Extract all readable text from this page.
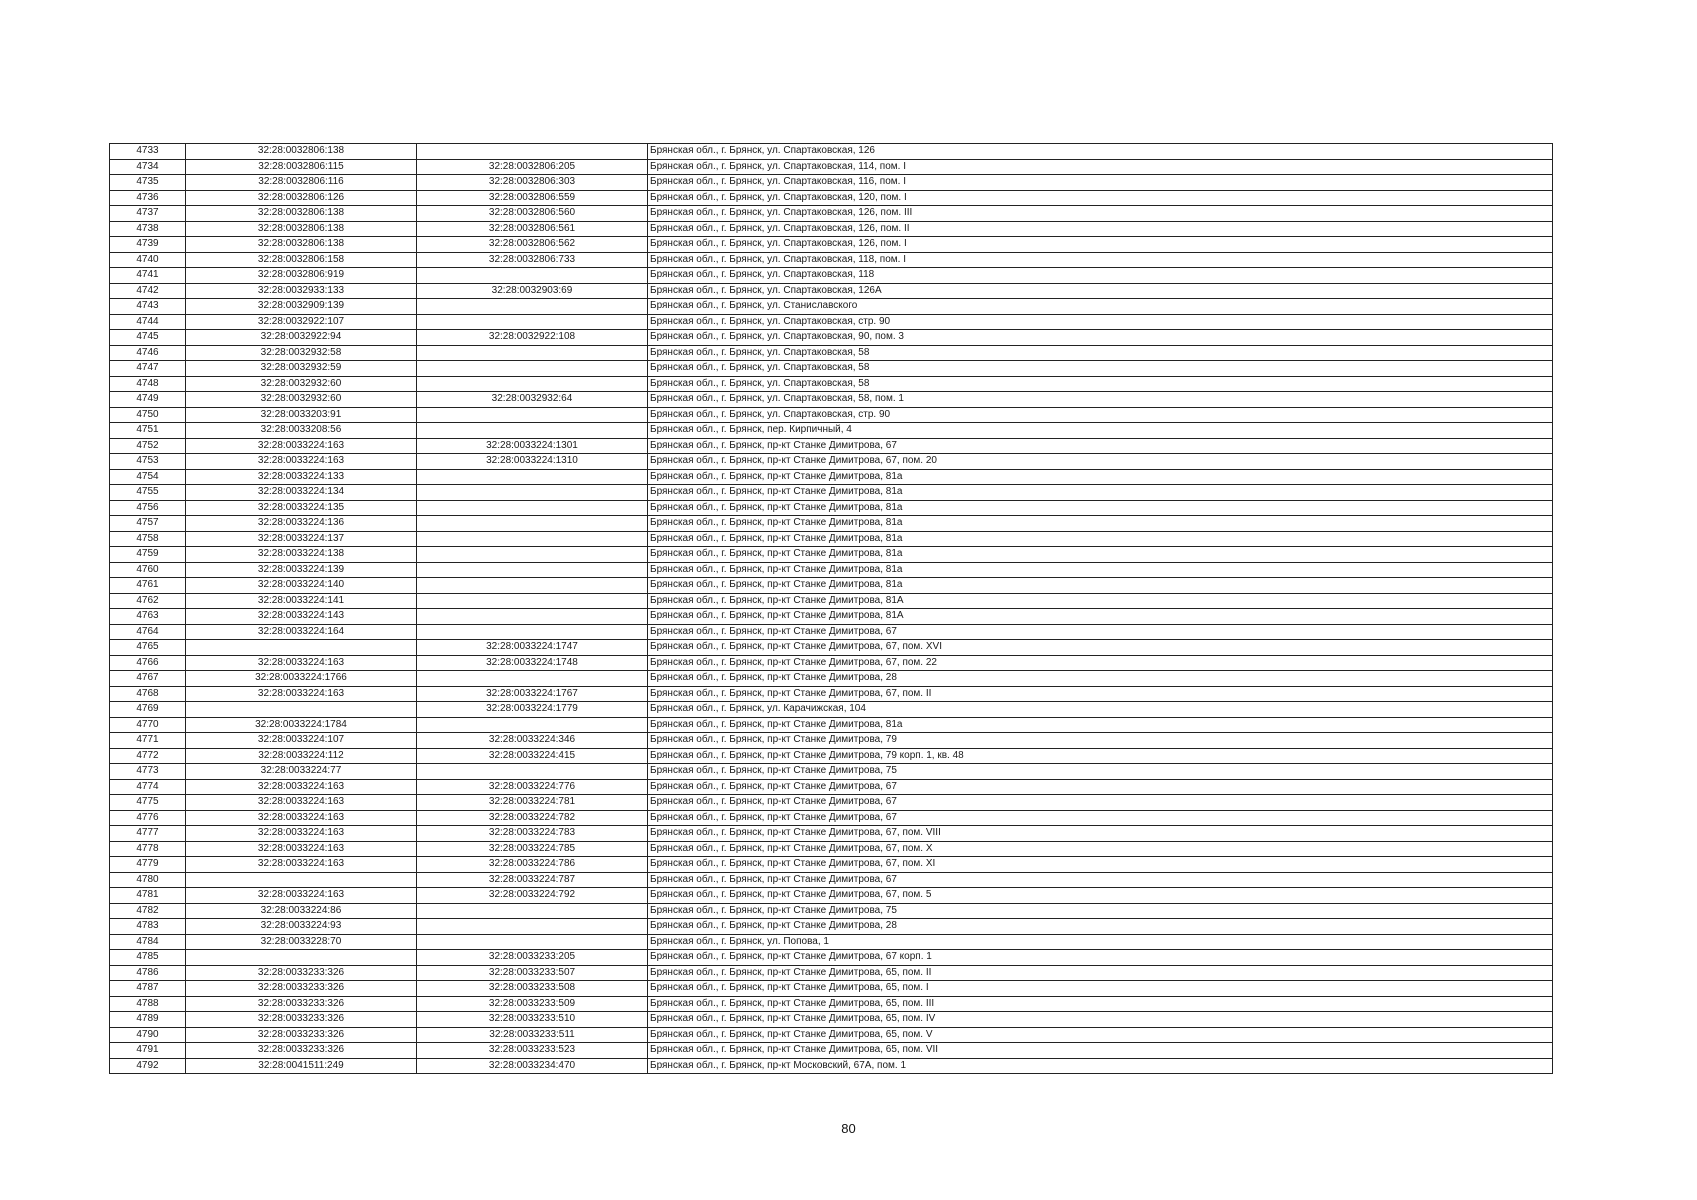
4733	32:28:0032806:138		Брянская обл., г. Брянск, ул. Спартаковская, 126
4734	32:28:0032806:115	32:28:0032806:205	Брянская обл., г. Брянск, ул. Спартаковская, 114, пом. I
4735	32:28:0032806:116	32:28:0032806:303	Брянская обл., г. Брянск, ул. Спартаковская, 116, пом. I
4736	32:28:0032806:126	32:28:0032806:559	Брянская обл., г. Брянск, ул. Спартаковская, 120, пом. I
4737	32:28:0032806:138	32:28:0032806:560	Брянская обл., г. Брянск, ул. Спартаковская, 126, пом. III
4738	32:28:0032806:138	32:28:0032806:561	Брянская обл., г. Брянск, ул. Спартаковская, 126, пом. II
4739	32:28:0032806:138	32:28:0032806:562	Брянская обл., г. Брянск, ул. Спартаковская, 126, пом. I
4740	32:28:0032806:158	32:28:0032806:733	Брянская обл., г. Брянск, ул. Спартаковская, 118, пом. I
4741	32:28:0032806:919		Брянская обл., г. Брянск, ул. Спартаковская, 118
4742	32:28:0032933:133	32:28:0032903:69	Брянская обл., г. Брянск, ул. Спартаковская, 126А
4743	32:28:0032909:139		Брянская обл., г. Брянск, ул. Станиславского
4744	32:28:0032922:107		Брянская обл., г. Брянск, ул. Спартаковская, стр. 90
4745	32:28:0032922:94	32:28:0032922:108	Брянская обл., г. Брянск, ул. Спартаковская, 90, пом. 3
4746	32:28:0032932:58		Брянская обл., г. Брянск, ул. Спартаковская, 58
4747	32:28:0032932:59		Брянская обл., г. Брянск, ул. Спартаковская, 58
4748	32:28:0032932:60		Брянская обл., г. Брянск, ул. Спартаковская, 58
4749	32:28:0032932:60	32:28:0032932:64	Брянская обл., г. Брянск, ул. Спартаковская, 58, пом. 1
4750	32:28:0033203:91		Брянская обл., г. Брянск, ул. Спартаковская, стр. 90
4751	32:28:0033208:56		Брянская обл., г. Брянск, пер. Кирпичный, 4
4752	32:28:0033224:163	32:28:0033224:1301	Брянская обл., г. Брянск, пр-кт Станке Димитрова, 67
4753	32:28:0033224:163	32:28:0033224:1310	Брянская обл., г. Брянск, пр-кт Станке Димитрова, 67, пом. 20
4754	32:28:0033224:133		Брянская обл., г. Брянск, пр-кт Станке Димитрова, 81а
4755	32:28:0033224:134		Брянская обл., г. Брянск, пр-кт Станке Димитрова, 81а
4756	32:28:0033224:135		Брянская обл., г. Брянск, пр-кт Станке Димитрова, 81а
4757	32:28:0033224:136		Брянская обл., г. Брянск, пр-кт Станке Димитрова, 81а
4758	32:28:0033224:137		Брянская обл., г. Брянск, пр-кт Станке Димитрова, 81а
4759	32:28:0033224:138		Брянская обл., г. Брянск, пр-кт Станке Димитрова, 81а
4760	32:28:0033224:139		Брянская обл., г. Брянск, пр-кт Станке Димитрова, 81а
4761	32:28:0033224:140		Брянская обл., г. Брянск, пр-кт Станке Димитрова, 81а
4762	32:28:0033224:141		Брянская обл., г. Брянск, пр-кт Станке Димитрова, 81А
4763	32:28:0033224:143		Брянская обл., г. Брянск, пр-кт Станке Димитрова, 81А
4764	32:28:0033224:164		Брянская обл., г. Брянск, пр-кт Станке Димитрова, 67
4765		32:28:0033224:1747	Брянская обл., г. Брянск, пр-кт Станке Димитрова, 67, пом. XVI
4766	32:28:0033224:163	32:28:0033224:1748	Брянская обл., г. Брянск, пр-кт Станке Димитрова, 67, пом. 22
4767	32:28:0033224:1766		Брянская обл., г. Брянск, пр-кт Станке Димитрова, 28
4768	32:28:0033224:163	32:28:0033224:1767	Брянская обл., г. Брянск, пр-кт Станке Димитрова, 67, пом. II
4769		32:28:0033224:1779	Брянская обл., г. Брянск, ул. Карачижская, 104
4770	32:28:0033224:1784		Брянская обл., г. Брянск, пр-кт Станке Димитрова, 81а
4771	32:28:0033224:107	32:28:0033224:346	Брянская обл., г. Брянск, пр-кт Станке Димитрова, 79
4772	32:28:0033224:112	32:28:0033224:415	Брянская обл., г. Брянск, пр-кт Станке Димитрова, 79 корп. 1, кв. 48
4773	32:28:0033224:77		Брянская обл., г. Брянск, пр-кт Станке Димитрова, 75
4774	32:28:0033224:163	32:28:0033224:776	Брянская обл., г. Брянск, пр-кт Станке Димитрова, 67
4775	32:28:0033224:163	32:28:0033224:781	Брянская обл., г. Брянск, пр-кт Станке Димитрова, 67
4776	32:28:0033224:163	32:28:0033224:782	Брянская обл., г. Брянск, пр-кт Станке Димитрова, 67
4777	32:28:0033224:163	32:28:0033224:783	Брянская обл., г. Брянск, пр-кт Станке Димитрова, 67, пом. VIII
4778	32:28:0033224:163	32:28:0033224:785	Брянская обл., г. Брянск, пр-кт Станке Димитрова, 67, пом. X
4779	32:28:0033224:163	32:28:0033224:786	Брянская обл., г. Брянск, пр-кт Станке Димитрова, 67, пом. XI
4780		32:28:0033224:787	Брянская обл., г. Брянск, пр-кт Станке Димитрова, 67
4781	32:28:0033224:163	32:28:0033224:792	Брянская обл., г. Брянск, пр-кт Станке Димитрова, 67, пом. 5
4782	32:28:0033224:86		Брянская обл., г. Брянск, пр-кт Станке Димитрова, 75
4783	32:28:0033224:93		Брянская обл., г. Брянск, пр-кт Станке Димитрова, 28
4784	32:28:0033228:70		Брянская обл., г. Брянск, ул. Попова, 1
4785		32:28:0033233:205	Брянская обл., г. Брянск, пр-кт Станке Димитрова, 67 корп. 1
4786	32:28:0033233:326	32:28:0033233:507	Брянская обл., г. Брянск, пр-кт Станке Димитрова, 65, пом. II
4787	32:28:0033233:326	32:28:0033233:508	Брянская обл., г. Брянск, пр-кт Станке Димитрова, 65, пом. I
4788	32:28:0033233:326	32:28:0033233:509	Брянская обл., г. Брянск, пр-кт Станке Димитрова, 65, пом. III
4789	32:28:0033233:326	32:28:0033233:510	Брянская обл., г. Брянск, пр-кт Станке Димитрова, 65, пом. IV
4790	32:28:0033233:326	32:28:0033233:511	Брянская обл., г. Брянск, пр-кт Станке Димитрова, 65, пом. V
4791	32:28:0033233:326	32:28:0033233:523	Брянская обл., г. Брянск, пр-кт Станке Димитрова, 65, пом. VII
4792	32:28:0041511:249	32:28:0033234:470	Брянская обл., г. Брянск, пр-кт Московский, 67А, пом. 1
80
